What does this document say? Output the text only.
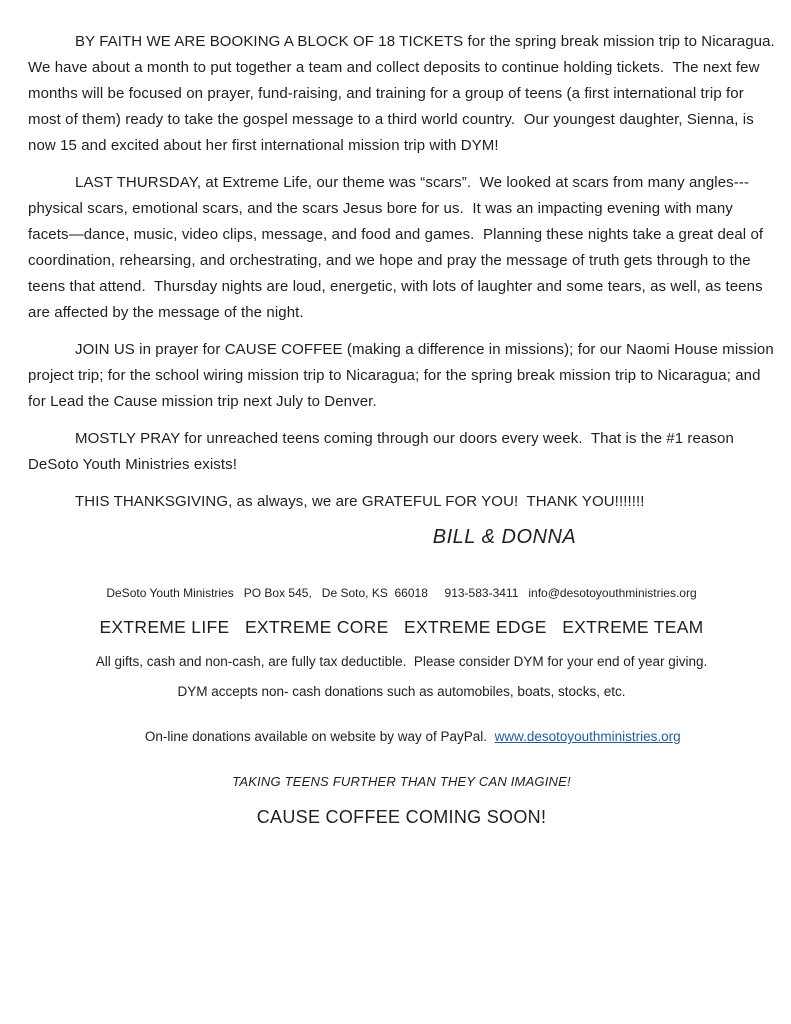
BY FAITH WE ARE BOOKING A BLOCK OF 18 TICKETS for the spring break mission trip to Nicaragua.  We have about a month to put together a team and collect deposits to continue holding tickets.  The next few months will be focused on prayer, fund-raising, and training for a group of teens (a first international trip for most of them) ready to take the gospel message to a third world country.  Our youngest daughter, Sienna, is now 15 and excited about her first international mission trip with DYM!

LAST THURSDAY, at Extreme Life, our theme was “scars”.  We looked at scars from many angles---physical scars, emotional scars, and the scars Jesus bore for us.  It was an impacting evening with many facets—dance, music, video clips, message, and food and games.  Planning these nights take a great deal of coordination, rehearsing, and orchestrating, and we hope and pray the message of truth gets through to the teens that attend.  Thursday nights are loud, energetic, with lots of laughter and some tears, as well, as teens are affected by the message of the night.

JOIN US in prayer for CAUSE COFFEE (making a difference in missions); for our Naomi House mission project trip; for the school wiring mission trip to Nicaragua; for the spring break mission trip to Nicaragua; and for Lead the Cause mission trip next July to Denver.

MOSTLY PRAY for unreached teens coming through our doors every week.  That is the #1 reason DeSoto Youth Ministries exists!

THIS THANKSGIVING, as always, we are GRATEFUL FOR YOU!  THANK YOU!!!!!!!

BILL & DONNA
DeSoto Youth Ministries   PO Box 545,   De Soto, KS  66018     913-583-3411   info@desotoyouthministries.org
EXTREME LIFE   EXTREME CORE   EXTREME EDGE   EXTREME TEAM
All gifts, cash and non-cash, are fully tax deductible.  Please consider DYM for your end of year giving.
DYM accepts non- cash donations such as automobiles, boats, stocks, etc.

On-line donations available on website by way of PayPal.  www.desotoyouthministries.org

TAKING TEENS FURTHER THAN THEY CAN IMAGINE!
CAUSE COFFEE COMING SOON!
